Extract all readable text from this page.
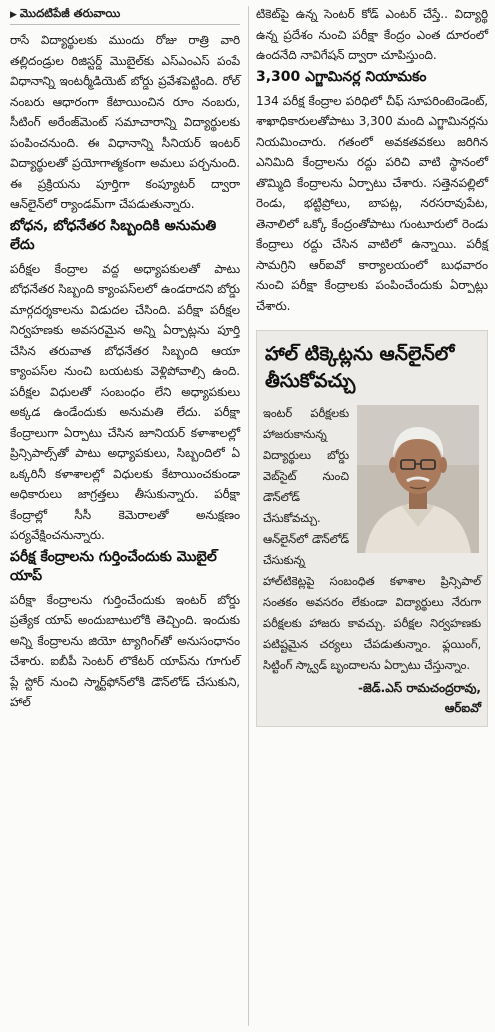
▶ మొదటిపేజీ తరువాయి

రాసే విద్యార్థులకు ముందు రోజు రాత్రి వారి తల్లిదండ్రుల రిజిస్టర్డ్ మొబైల్‌కు ఎస్ఎంఎస్ పంపే విధానాన్ని ఇంటర్మీడియెట్ బోర్డు ప్రవేశపెట్టింది. రోల్ నంబరు ఆధారంగా కేటాయించిన రూం నంబరు, సీటింగ్ అరేంజ్‌మెంట్ సమాచారాన్ని విద్యార్థులకు పంపించనుంది. ఈ విధానాన్ని సీనియర్ ఇంటర్ విద్యార్థులతో ప్రయోగాత్మకంగా అమలు పర్చనుంది. ఈ ప్రక్రియను పూర్తిగా కంప్యూటర్ ద్వారా ఆన్‌లైన్‌లో ర్యాండమ్‌గా చేపడుతున్నారు.

బోధన, బోధనేతర సిబ్బందికి అనుమతి లేదు

పరీక్షల కేంద్రాల వద్ద అధ్యాపకులతో పాటు బోధనేతర సిబ్బంది క్యాంపస్‌లలో ఉండరాదని బోర్డు మార్గదర్శకాలను విడుదల చేసింది. పరీక్షా పరీక్షల నిర్వహణకు అవసరమైన అన్ని ఏర్పాట్లను పూర్తి చేసిన తరువాత బోధనేతర సిబ్బంది ఆయా క్యాంపస్‌ల నుంచి బయటకు వెళ్లిపోవాల్సి ఉంది. పరీక్షల విధులతో సంబంధం లేని అధ్యాపకులు అక్కడ ఉండేందుకు అనుమతి లేదు. పరీక్షా కేంద్రాలుగా ఏర్పాటు చేసిన జూనియర్ కళాశాలల్లో ప్రిన్సిపాల్స్‌తో పాటు అధ్యాపకులు, సిబ్బందిలో ఏ ఒక్కరినీ కళాశాలల్లో విధులకు కేటాయించకుండా అధికారులు జాగ్రత్తలు తీసుకున్నారు. పరీక్షా కేంద్రాల్లో సీసీ కెమెరాలతో అనుక్షణం పర్యవేక్షించనున్నారు.

పరీక్ష కేంద్రాలను గుర్తించేందుకు మొబైల్ యాప్

పరీక్షా కేంద్రాలను గుర్తించేందుకు ఇంటర్ బోర్డు ప్రత్యేక యాప్ అందుబాటులోకి తెచ్చింది. ఇందుకు అన్ని కేంద్రాలను జియో ట్యాగింగ్‌తో అనుసంధానం చేశారు. ఐబీపీ సెంటర్ లొకేటర్ యాప్‌ను గూగుల్ ప్లే స్టోర్ నుంచి స్మార్ట్‌ఫోన్‌లోకి డౌన్‌లోడ్ చేసుకుని, హాల్

టికెట్‌పై ఉన్న సెంటర్ కోడ్ ఎంటర్ చేస్తే.. విద్యార్థి ఉన్న ప్రదేశం నుంచి పరీక్షా కేంద్రం ఎంత దూరంలో ఉందనేది నావిగేషన్ ద్వారా చూపిస్తుంది.

3,300 ఎగ్జామినర్ల నియామకం

134 పరీక్ష కేంద్రాల పరిధిలో చీఫ్ సూపరింటెండెంట్, శాఖాధికారులతోపాటు 3,300 మంది ఎగ్జామినర్లను నియమించారు. గతంలో అవకతవకలు జరిగిన ఎనిమిది కేంద్రాలను రద్దు పరిచి వాటి స్థానంలో తొమ్మిది కేంద్రాలను ఏర్పాటు చేశారు. సత్తెనపల్లిలో రెండు, భట్టిప్రోలు, బాపట్ల, నరసరావుపేట, తెనాలిలో ఒక్కో కేంద్రంతోపాటు గుంటూరులో రెండు కేంద్రాలు రద్దు చేసిన వాటిలో ఉన్నాయి. పరీక్ష సామగ్రిని ఆర్‌ఐవో కార్యాలయంలో బుధవారం నుంచి పరీక్షా కేంద్రాలకు పంపించేందుకు ఏర్పాట్లు చేశారు.

హాల్ టిక్కెట్లను ఆన్‌లైన్‌లో తీసుకోవచ్చు

ఇంటర్ పరీక్షలకు హాజరుకానున్న విద్యార్థులు బోర్డు వెబ్‌సైట్ నుంచి డౌన్‌లోడ్ చేసుకోవచ్చు. ఆన్‌లైన్‌లో డౌన్‌లోడ్ చేసుకున్న హాల్‌టికెట్లపై సంబంధిత కళాశాల ప్రిన్సిపాల్ సంతకం అవసరం లేకుండా విద్యార్థులు నేరుగా పరీక్షలకు హాజరు కావచ్చు. పరీక్షల నిర్వహణకు పటిష్టమైన చర్యలు చేపడుతున్నాం. ఫ్లయింగ్, సిట్టింగ్ స్క్వాడ్ బృందాలను ఏర్పాటు చేస్తున్నాం.

-జెడ్.ఎస్ రామచంద్రరావు,
ఆర్ఐవో
